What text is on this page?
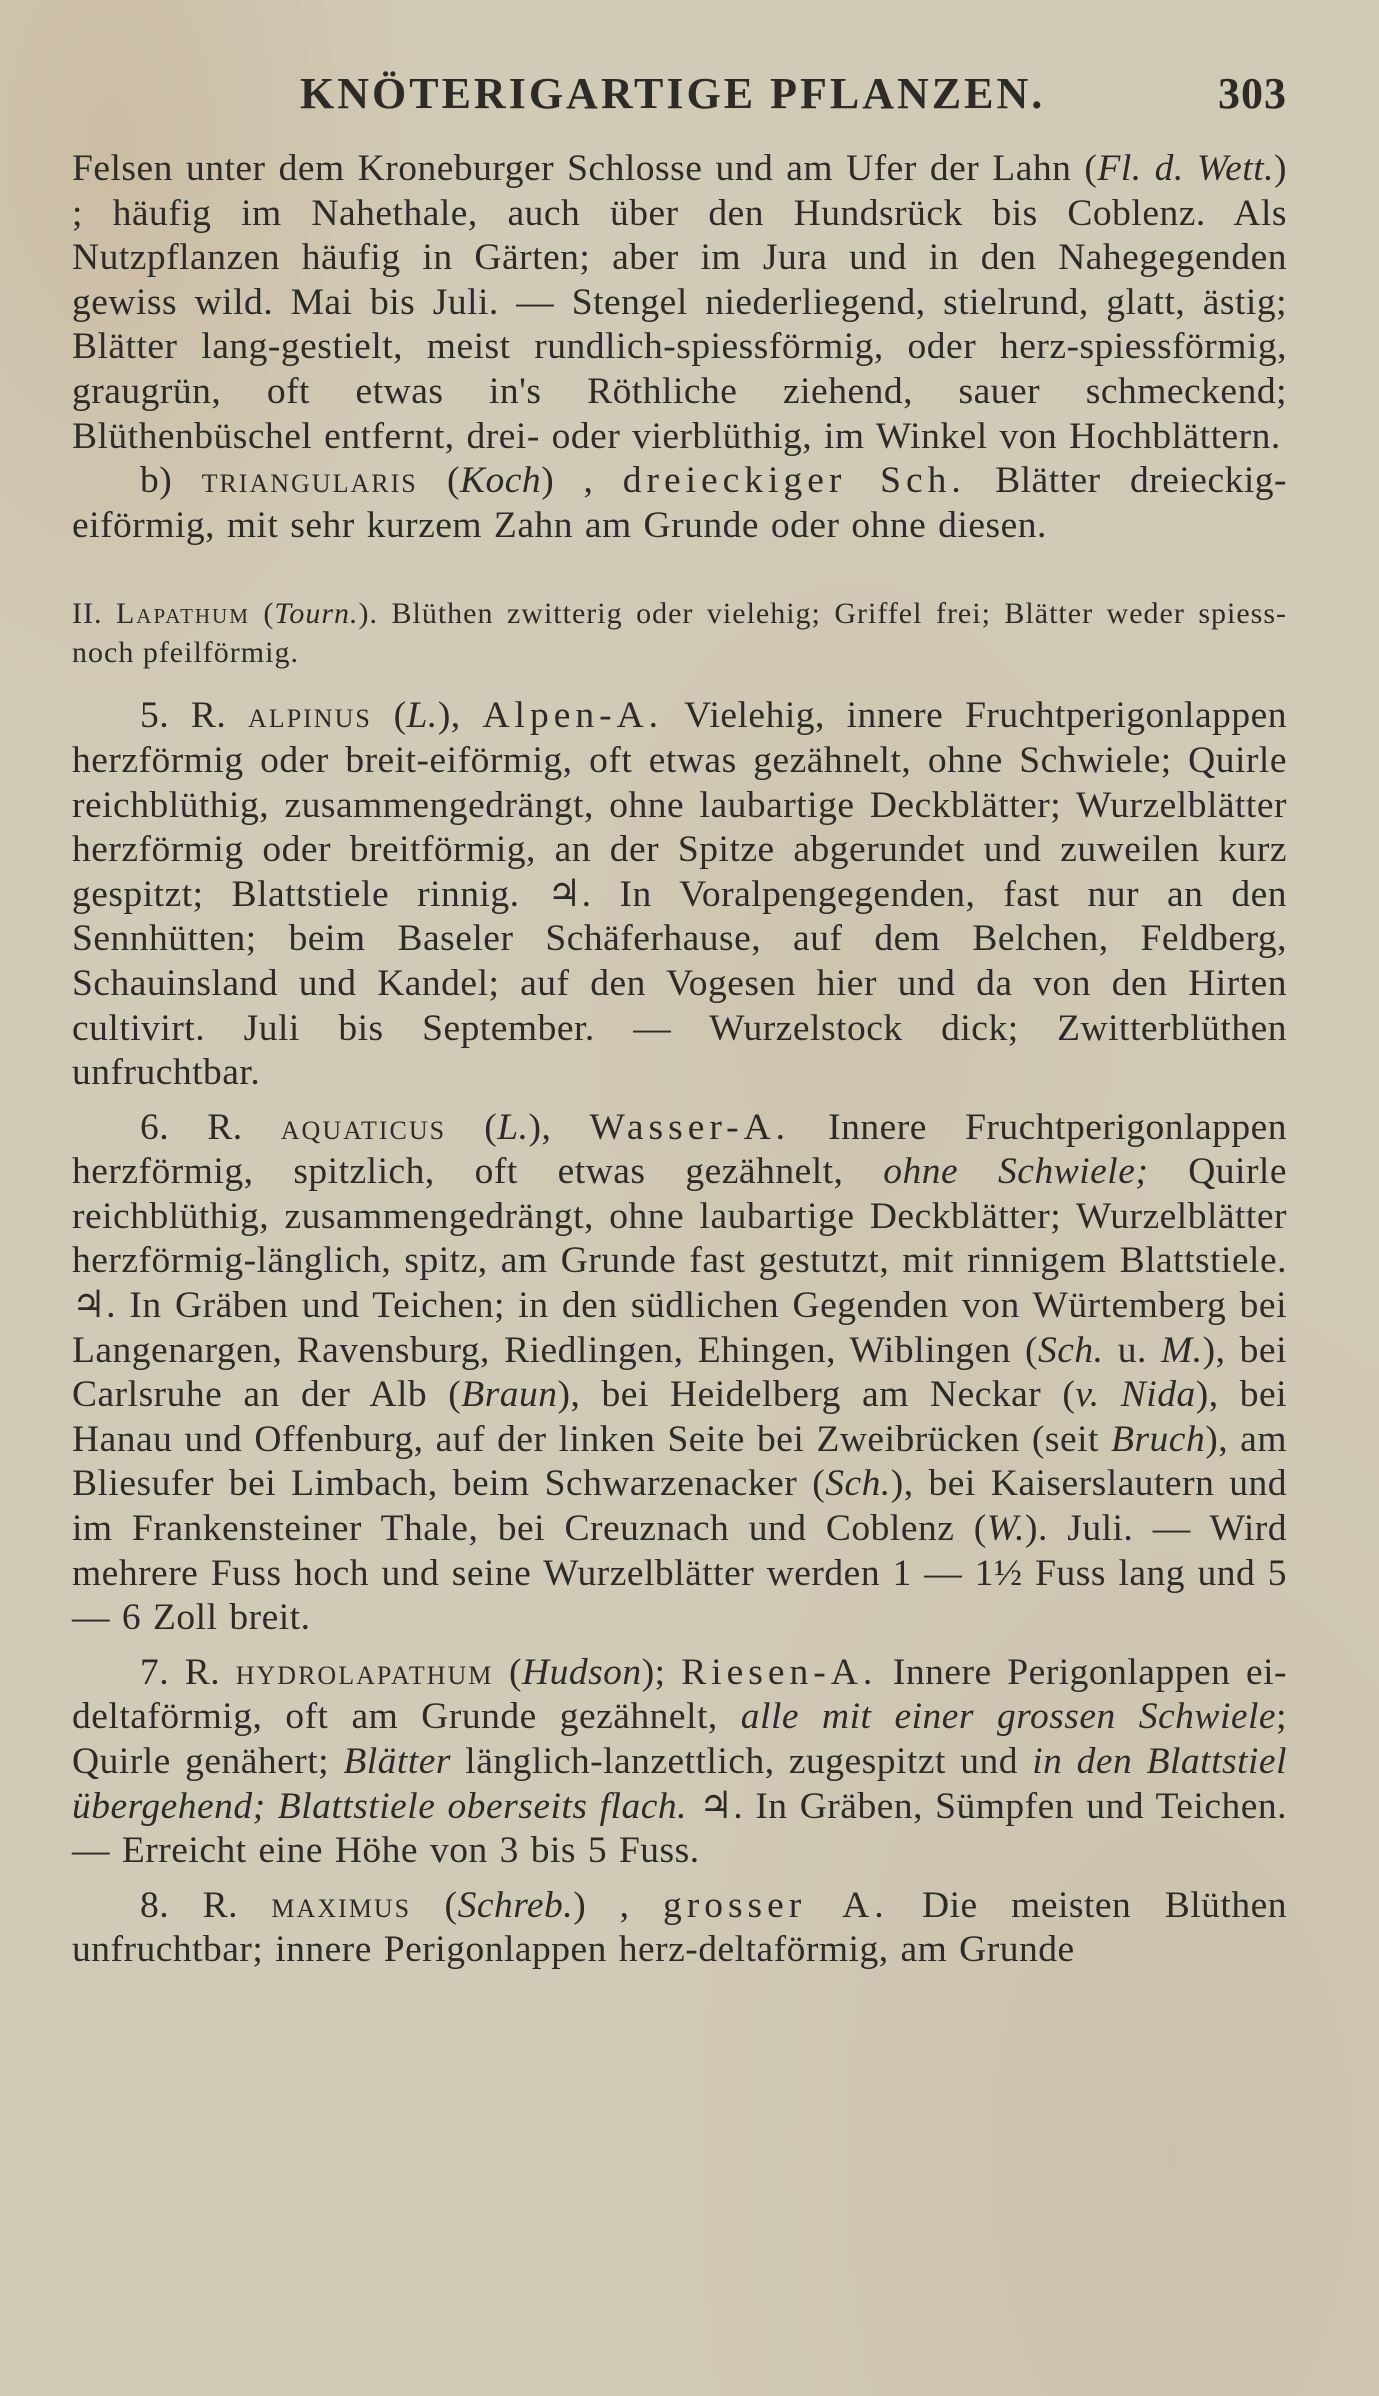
KNÖTERIGARTIGE PFLANZEN.	303

Felsen unter dem Kroneburger Schlosse und am Ufer der Lahn (Fl. d. Wett.) ; häufig im Nahethale, auch über den Hundsrück bis Coblenz. Als Nutzpflanzen häufig in Gärten; aber im Jura und in den Nahegegenden gewiss wild. Mai bis Juli. — Stengel niederliegend, stielrund, glatt, ästig; Blätter lang-gestielt, meist rundlich-spiessförmig, oder herz-spiessförmig, graugrün, oft etwas in's Röthliche ziehend, sauer schmeckend; Blüthenbüschel entfernt, drei- oder vierblüthig, im Winkel von Hochblättern.

b) triangularis (Koch) , dreieckiger Sch. Blätter dreieckig-eiförmig, mit sehr kurzem Zahn am Grunde oder ohne diesen.

II. Lapathum (Tourn.). Blüthen zwitterig oder vielehig; Griffel frei; Blätter weder spiess- noch pfeilförmig.

5. R. alpinus (L.), Alpen-A. Vielehig, innere Fruchtperigonlappen herzförmig oder breit-eiförmig, oft etwas gezähnelt, ohne Schwiele; Quirle reichblüthig, zusammengedrängt, ohne laubartige Deckblätter; Wurzelblätter herzförmig oder breitförmig, an der Spitze abgerundet und zuweilen kurz gespitzt; Blattstiele rinnig. ♃. In Voralpengegenden, fast nur an den Sennhütten; beim Baseler Schäferhause, auf dem Belchen, Feldberg, Schauinsland und Kandel; auf den Vogesen hier und da von den Hirten cultivirt. Juli bis September. — Wurzelstock dick; Zwitterblüthen unfruchtbar.

6. R. aquaticus (L.), Wasser-A. Innere Fruchtperigonlappen herzförmig, spitzlich, oft etwas gezähnelt, ohne Schwiele; Quirle reichblüthig, zusammengedrängt, ohne laubartige Deckblätter; Wurzelblätter herzförmig-länglich, spitz, am Grunde fast gestutzt, mit rinnigem Blattstiele. ♃. In Gräben und Teichen; in den südlichen Gegenden von Würtemberg bei Langenargen, Ravensburg, Riedlingen, Ehingen, Wiblingen (Sch. u. M.), bei Carlsruhe an der Alb (Braun), bei Heidelberg am Neckar (v. Nida), bei Hanau und Offenburg, auf der linken Seite bei Zweibrücken (seit Bruch), am Bliesufer bei Limbach, beim Schwarzenacker (Sch.), bei Kaiserslautern und im Frankensteiner Thale, bei Creuznach und Coblenz (W.). Juli. — Wird mehrere Fuss hoch und seine Wurzelblätter werden 1 — 1½ Fuss lang und 5 — 6 Zoll breit.

7. R. hydrolapathum (Hudson); Riesen-A. Innere Perigonlappen ei-deltaförmig, oft am Grunde gezähnelt, alle mit einer grossen Schwiele; Quirle genähert; Blätter länglich-lanzettlich, zugespitzt und in den Blattstiel übergehend; Blattstiele oberseits flach. ♃. In Gräben, Sümpfen und Teichen. — Erreicht eine Höhe von 3 bis 5 Fuss.

8. R. maximus (Schreb.) , grosser A. Die meisten Blüthen unfruchtbar; innere Perigonlappen herz-deltaförmig, am Grunde
